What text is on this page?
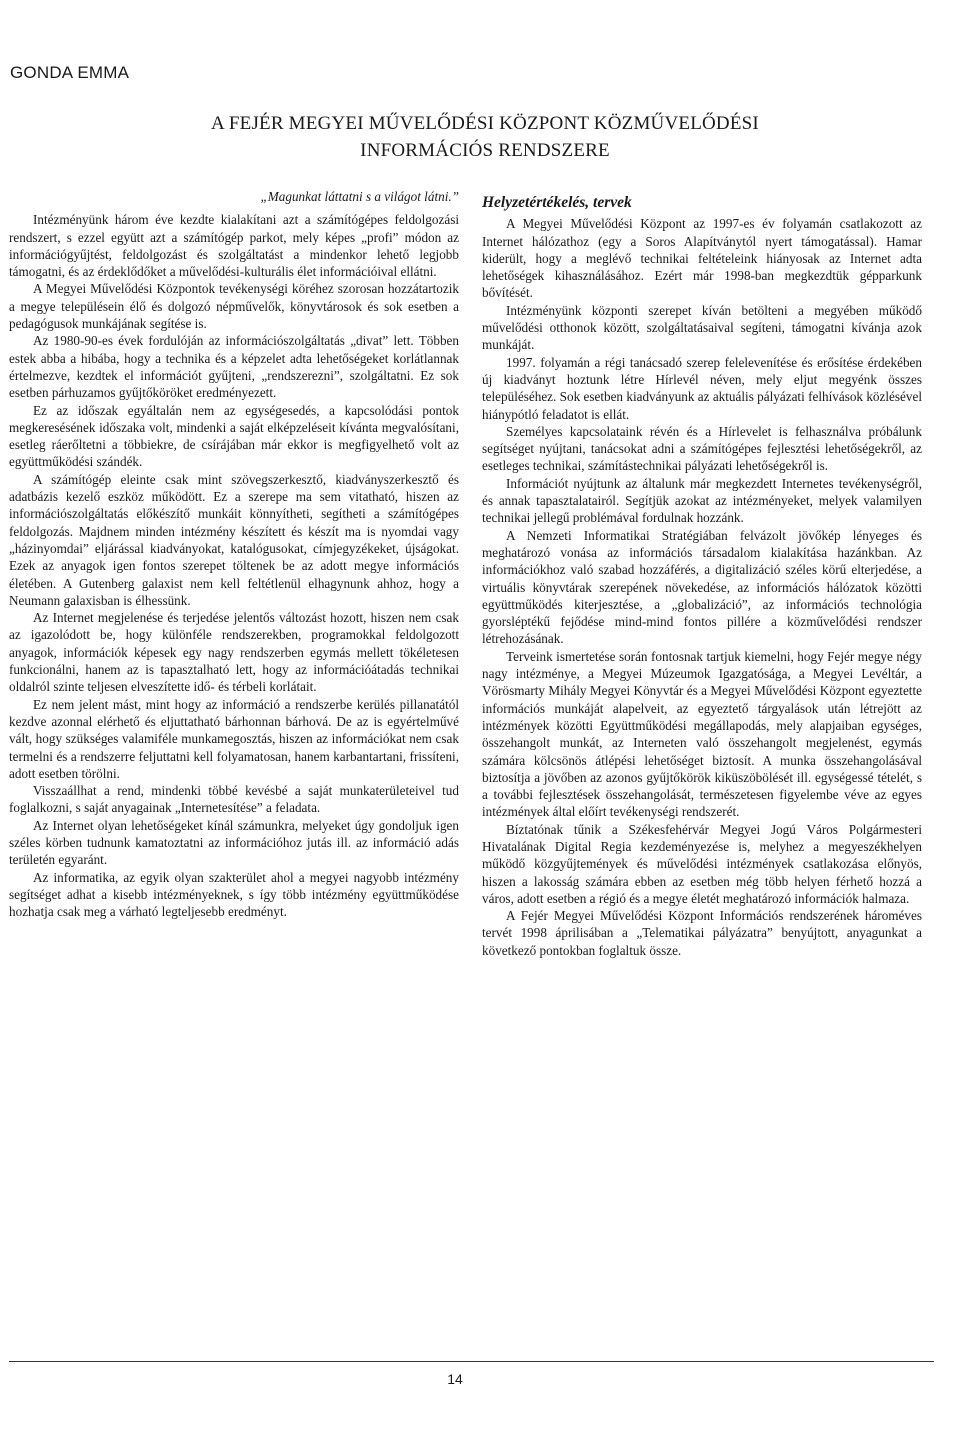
GONDA EMMA
A FEJÉR MEGYEI MŰVELŐDÉSI KÖZPONT KÖZMŰVELŐDÉSI
INFORMÁCIÓS RENDSZERE
„Magunkat láttatni s a világot látni.”

Intézményünk három éve kezdte kialakítani azt a számítógépes feldolgozási rendszert, s ezzel együtt azt a számítógép parkot, mely képes „profi” módon az információgyűjtést, feldolgozást és szolgáltatást a mindenkor lehető legjobb támogatni, és az érdeklődőket a művelődési-kulturális élet információival ellátni.

A Megyei Művelődési Központok tevékenységi köréhez szorosan hozzátartozik a megye településein élő és dolgozó népművelők, könyvtárosok és sok esetben a pedagógusok munkájának segítése is.

Az 1980-90-es évek fordulóján az információszolgáltatás „divat” lett. Többen estek abba a hibába, hogy a technika és a képzelet adta lehetőségeket korlátlannak értelmezve, kezdtek el információt gyűjteni, „rendszerezni”, szolgáltatni. Ez sok esetben párhuzamos gyűjtőköröket eredményezett.

Ez az időszak egyáltalán nem az egységesedés, a kapcsolódási pontok megkeresésének időszaka volt, mindenki a saját elképzeléseit kívánta megvalósítani, esetleg ráerőltetni a többiekre, de csírájában már ekkor is megfigyelhető volt az együttműködési szándék.

A számítógép eleinte csak mint szövegszerkesztő, kiadványszerkesztő és adatbázis kezelő eszköz működött. Ez a szerepe ma sem vitatható, hiszen az információszolgáltatás előkészítő munkáit könnyítheti, segítheti a számítógépes feldolgozás. Majdnem minden intézmény készített és készít ma is nyomdai vagy „házinyomdai” eljárással kiadványokat, katalógusokat, címjegyzékeket, újságokat. Ezek az anyagok igen fontos szerepet töltenek be az adott megye információs életében. A Gutenberg galaxist nem kell feltétlenül elhagynunk ahhoz, hogy a Neumann galaxisban is élhessünk.

Az Internet megjelenése és terjedése jelentős változást hozott, hiszen nem csak az igazolódott be, hogy különféle rendszerekben, programokkal feldolgozott anyagok, információk képesek egy nagy rendszerben egymás mellett tökéletesen funkcionálni, hanem az is tapasztalható lett, hogy az információátadás technikai oldalról szinte teljesen elveszítette idő- és térbeli korlátait.

Ez nem jelent mást, mint hogy az információ a rendszerbe kerülés pillanatától kezdve azonnal elérhető és eljuttatható bárhonnan bárhová. De az is egyértelművé vált, hogy szükséges valamiféle munkamegosztás, hiszen az információkat nem csak termelni és a rendszerre feljuttatni kell folyamatosan, hanem karbantartani, frissíteni, adott esetben törölni.

Visszaállhat a rend, mindenki többé kevésbé a saját munkaterületeivel tud foglalkozni, s saját anyagainak „Internetesítése” a feladata.

Az Internet olyan lehetőségeket kínál számunkra, melyeket úgy gondoljuk igen széles körben tudnunk kamatoztatni az információhoz jutás ill. az információ adás területén egyaránt.

Az informatika, az egyik olyan szakterület ahol a megyei nagyobb intézmény segítséget adhat a kisebb intézményeknek, s így több intézmény együttműködése hozhatja csak meg a várható legteljesebb eredményt.

Helyzetértékelés, tervek

A Megyei Művelődési Központ az 1997-es év folyamán csatlakozott az Internet hálózathoz (egy a Soros Alapítványtól nyert támogatással). Hamar kiderült, hogy a meglévő technikai feltételeink hiányosak az Internet adta lehetőségek kihasználásához. Ezért már 1998-ban megkezdtük gépparkunk bővítését.

Intézményünk központi szerepet kíván betölteni a megyében működő művelődési otthonok között, szolgáltatásaival segíteni, támogatni kívánja azok munkáját.

1997. folyamán a régi tanácsadó szerep felelevenítése és erősítése érdekében új kiadványt hoztunk létre Hírlevél néven, mely eljut megyénk összes településéhez. Sok esetben kiadványunk az aktuális pályázati felhívások közlésével hiánypótló feladatot is ellát.

Személyes kapcsolataink révén és a Hírlevelet is felhasználva próbálunk segítséget nyújtani, tanácsokat adni a számítógépes fejlesztési lehetőségekről, az esetleges technikai, számítástechnikai pályázati lehetőségekről is.

Információt nyújtunk az általunk már megkezdett Internetes tevékenységről, és annak tapasztalatairól. Segítjük azokat az intézményeket, melyek valamilyen technikai jellegű problémával fordulnak hozzánk.

A Nemzeti Informatikai Stratégiában felvázolt jövőkép lényeges és meghatározó vonása az információs társadalom kialakítása hazánkban. Az információkhoz való szabad hozzáférés, a digitalizáció széles körű elterjedése, a virtuális könyvtárak szerepének növekedése, az információs hálózatok közötti együttműködés kiterjesztése, a „globalizáció”, az információs technológia gyorsléptékű fejődése mind-mind fontos pillére a közművelődési rendszer létrehozásának.

Terveink ismertetése során fontosnak tartjuk kiemelni, hogy Fejér megye négy nagy intézménye, a Megyei Múzeumok Igazgatósága, a Megyei Levéltár, a Vörösmarty Mihály Megyei Könyvtár és a Megyei Művelődési Központ egyeztette információs munkáját alapelveit, az egyeztető tárgyalások után létrejött az intézmények közötti Együttműködési megállapodás, mely alapjaiban egységes, összehangolt munkát, az Interneten való összehangolt megjelenést, egymás számára kölcsönös átlépési lehetőséget biztosít. A munka összehangolásával biztosítja a jövőben az azonos gyűjtőkörök kiküszöbölését ill. egységessé tételét, s a további fejlesztések összehangolását, természetesen figyelembe véve az egyes intézmények által előírt tevékenységi rendszerét.

Bíztatónak tűnik a Székesfehérvár Megyei Jogú Város Polgármesteri Hivatalának Digital Regia kezdeményezése is, melyhez a megyeszékhelyen működő közgyűjtemények és művelődési intézmények csatlakozása előnyös, hiszen a lakosság számára ebben az esetben még több helyen férhető hozzá a város, adott esetben a régió és a megye életét meghatározó információk halmaza.

A Fejér Megyei Művelődési Központ Információs rendszerének hároméves tervét 1998 áprilisában a „Telematikai pályázatra” benyújtott, anyagunkat a következő pontokban foglaltuk össze.

14
